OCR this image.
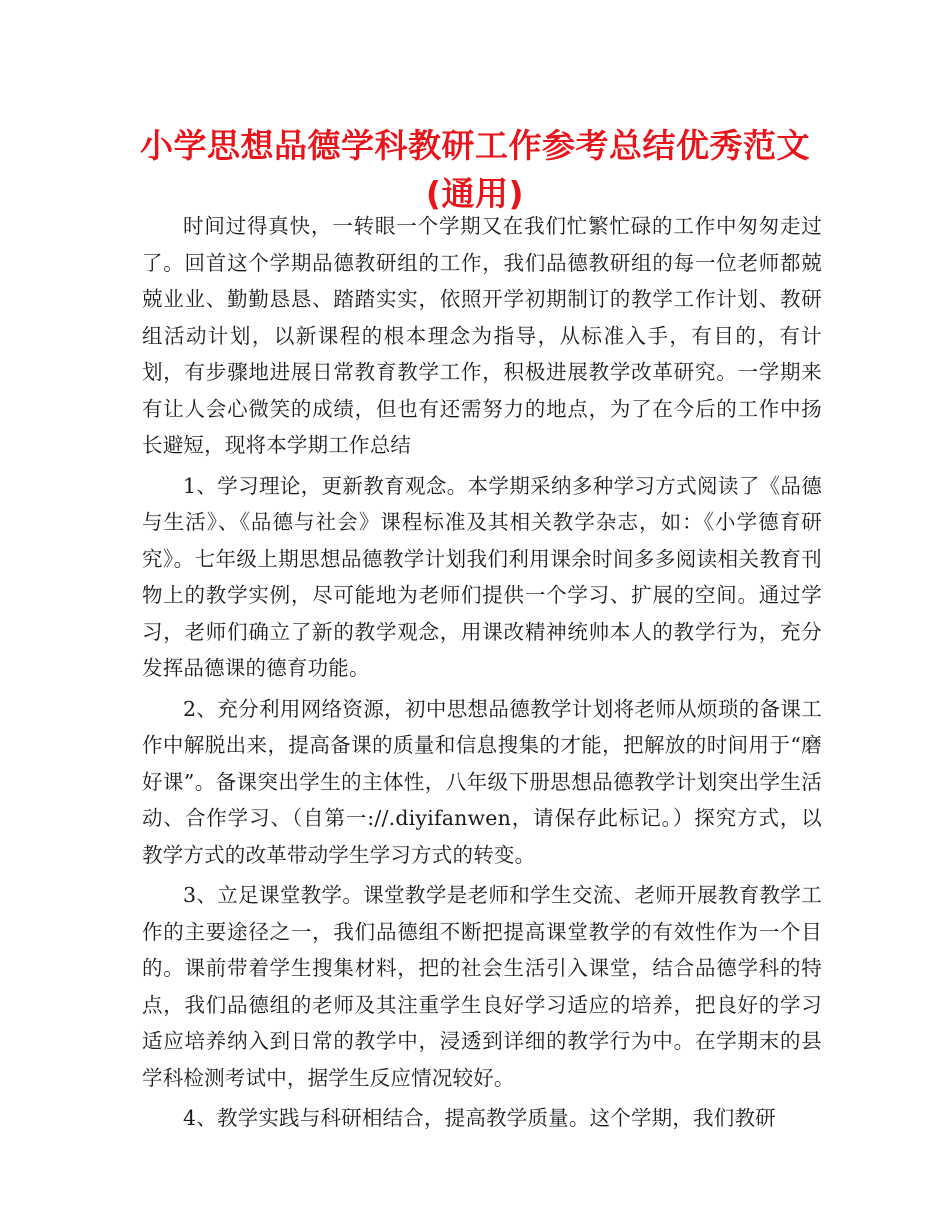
小学思想品德学科教研工作参考总结优秀范文
(通用)

时间过得真快，一转眼一个学期又在我们忙繁忙碌的工作中匆匆走过了。回首这个学期品德教研组的工作，我们品德教研组的每一位老师都兢兢业业、勤勤恳恳、踏踏实实，依照开学初期制订的教学工作计划、教研组活动计划，以新课程的根本理念为指导，从标准入手，有目的，有计划，有步骤地进展日常教育教学工作，积极进展教学改革研究。一学期来有让人会心微笑的成绩，但也有还需努力的地点，为了在今后的工作中扬长避短，现将本学期工作总结

1、学习理论，更新教育观念。本学期采纳多种学习方式阅读了《品德与生活》、《品德与社会》课程标准及其相关教学杂志，如：《小学德育研究》。七年级上期思想品德教学计划我们利用课余时间多多阅读相关教育刊物上的教学实例，尽可能地为老师们提供一个学习、扩展的空间。通过学习，老师们确立了新的教学观念，用课改精神统帅本人的教学行为，充分发挥品德课的德育功能。

2、充分利用网络资源，初中思想品德教学计划将老师从烦琐的备课工作中解脱出来，提高备课的质量和信息搜集的才能，把解放的时间用于“磨好课”。备课突出学生的主体性，八年级下册思想品德教学计划突出学生活动、合作学习、（自第一://.diyifanwen，请保存此标记。）探究方式，以教学方式的改革带动学生学习方式的转变。

3、立足课堂教学。课堂教学是老师和学生交流、老师开展教育教学工作的主要途径之一，我们品德组不断把提高课堂教学的有效性作为一个目的。课前带着学生搜集材料，把的社会生活引入课堂，结合品德学科的特点，我们品德组的老师及其注重学生良好学习适应的培养，把良好的学习适应培养纳入到日常的教学中，浸透到详细的教学行为中。在学期末的县学科检测考试中，据学生反应情况较好。

4、教学实践与科研相结合，提高教学质量。这个学期，我们教研
